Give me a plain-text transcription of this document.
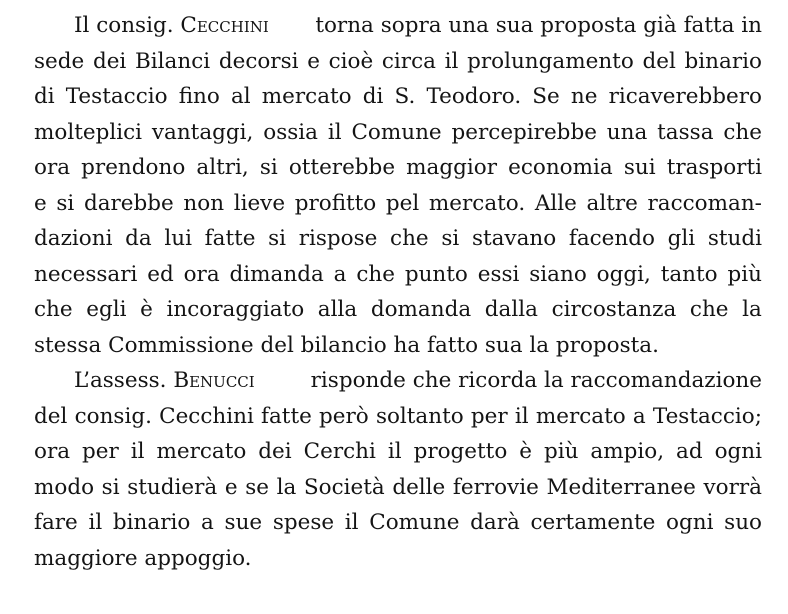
Il consig. Cecchini torna sopra una sua proposta già fatta in
sede dei Bilanci decorsi e cioè circa il prolungamento del binario
di Testaccio fino al mercato di S. Teodoro. Se ne ricaverebbero
molteplici vantaggi, ossia il Comune percepirebbe una tassa che
ora prendono altri, si otterebbe maggior economia sui trasporti
e si darebbe non lieve profitto pel mercato. Alle altre raccoman-
dazioni da lui fatte si rispose che si stavano facendo gli studi
necessari ed ora dimanda a che punto essi siano oggi, tanto più
che egli è incoraggiato alla domanda dalla circostanza che la
stessa Commissione del bilancio ha fatto sua la proposta.
L’assess. Benucci risponde che ricorda la raccomandazione
del consig. Cecchini fatte però soltanto per il mercato a Testaccio;
ora per il mercato dei Cerchi il progetto è più ampio, ad ogni
modo si studierà e se la Società delle ferrovie Mediterranee vorrà
fare il binario a sue spese il Comune darà certamente ogni suo
maggiore appoggio.
